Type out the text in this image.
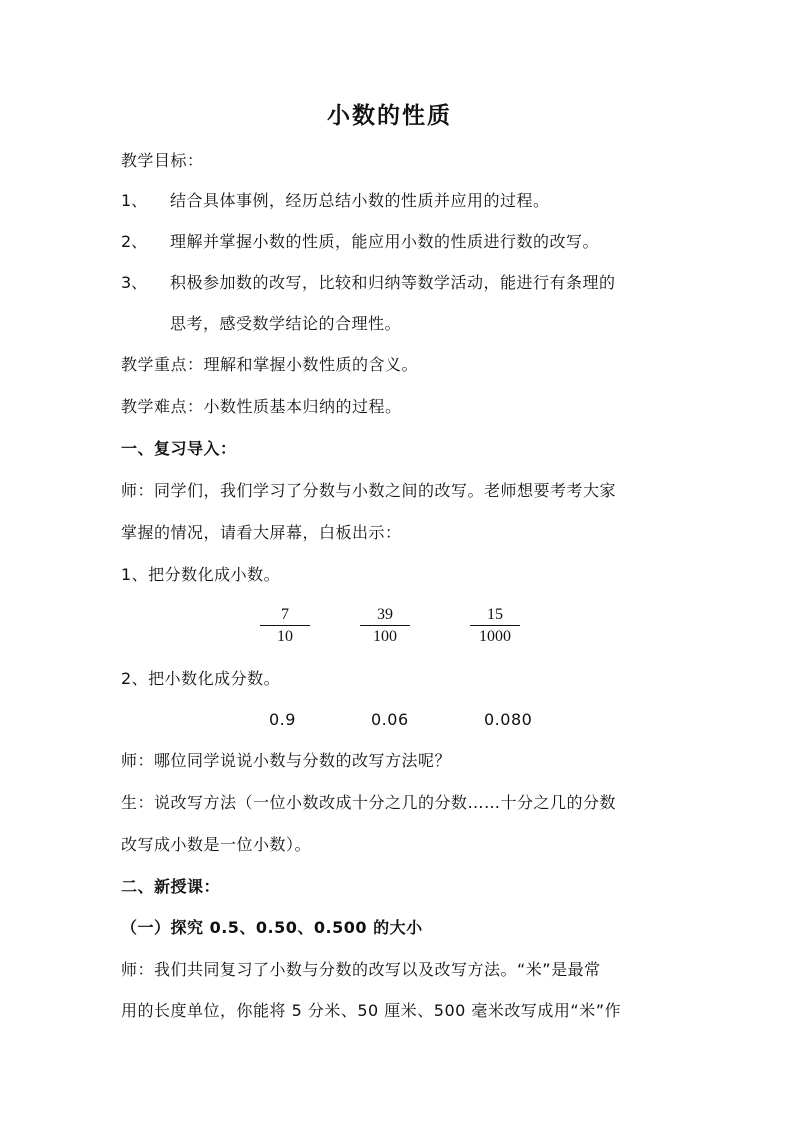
小数的性质
教学目标：
1、 结合具体事例，经历总结小数的性质并应用的过程。
2、 理解并掌握小数的性质，能应用小数的性质进行数的改写。
3、 积极参加数的改写，比较和归纳等数学活动，能进行有条理的
思考，感受数学结论的合理性。
教学重点：理解和掌握小数性质的含义。
教学难点：小数性质基本归纳的过程。
一、复习导入：
师：同学们，我们学习了分数与小数之间的改写。老师想要考考大家
掌握的情况，请看大屏幕，白板出示：
1、把分数化成小数。
7
10
39
100
15
1000
2、把小数化成分数。
0.9	0.06	0.080
师：哪位同学说说小数与分数的改写方法呢？
生：说改写方法（一位小数改成十分之几的分数……十分之几的分数
改写成小数是一位小数）。
二、新授课：
（一）探究 0.5、0.50、0.500 的大小
师：我们共同复习了小数与分数的改写以及改写方法。“米”是最常
用的长度单位，你能将 5 分米、50 厘米、500 毫米改写成用“米”作
